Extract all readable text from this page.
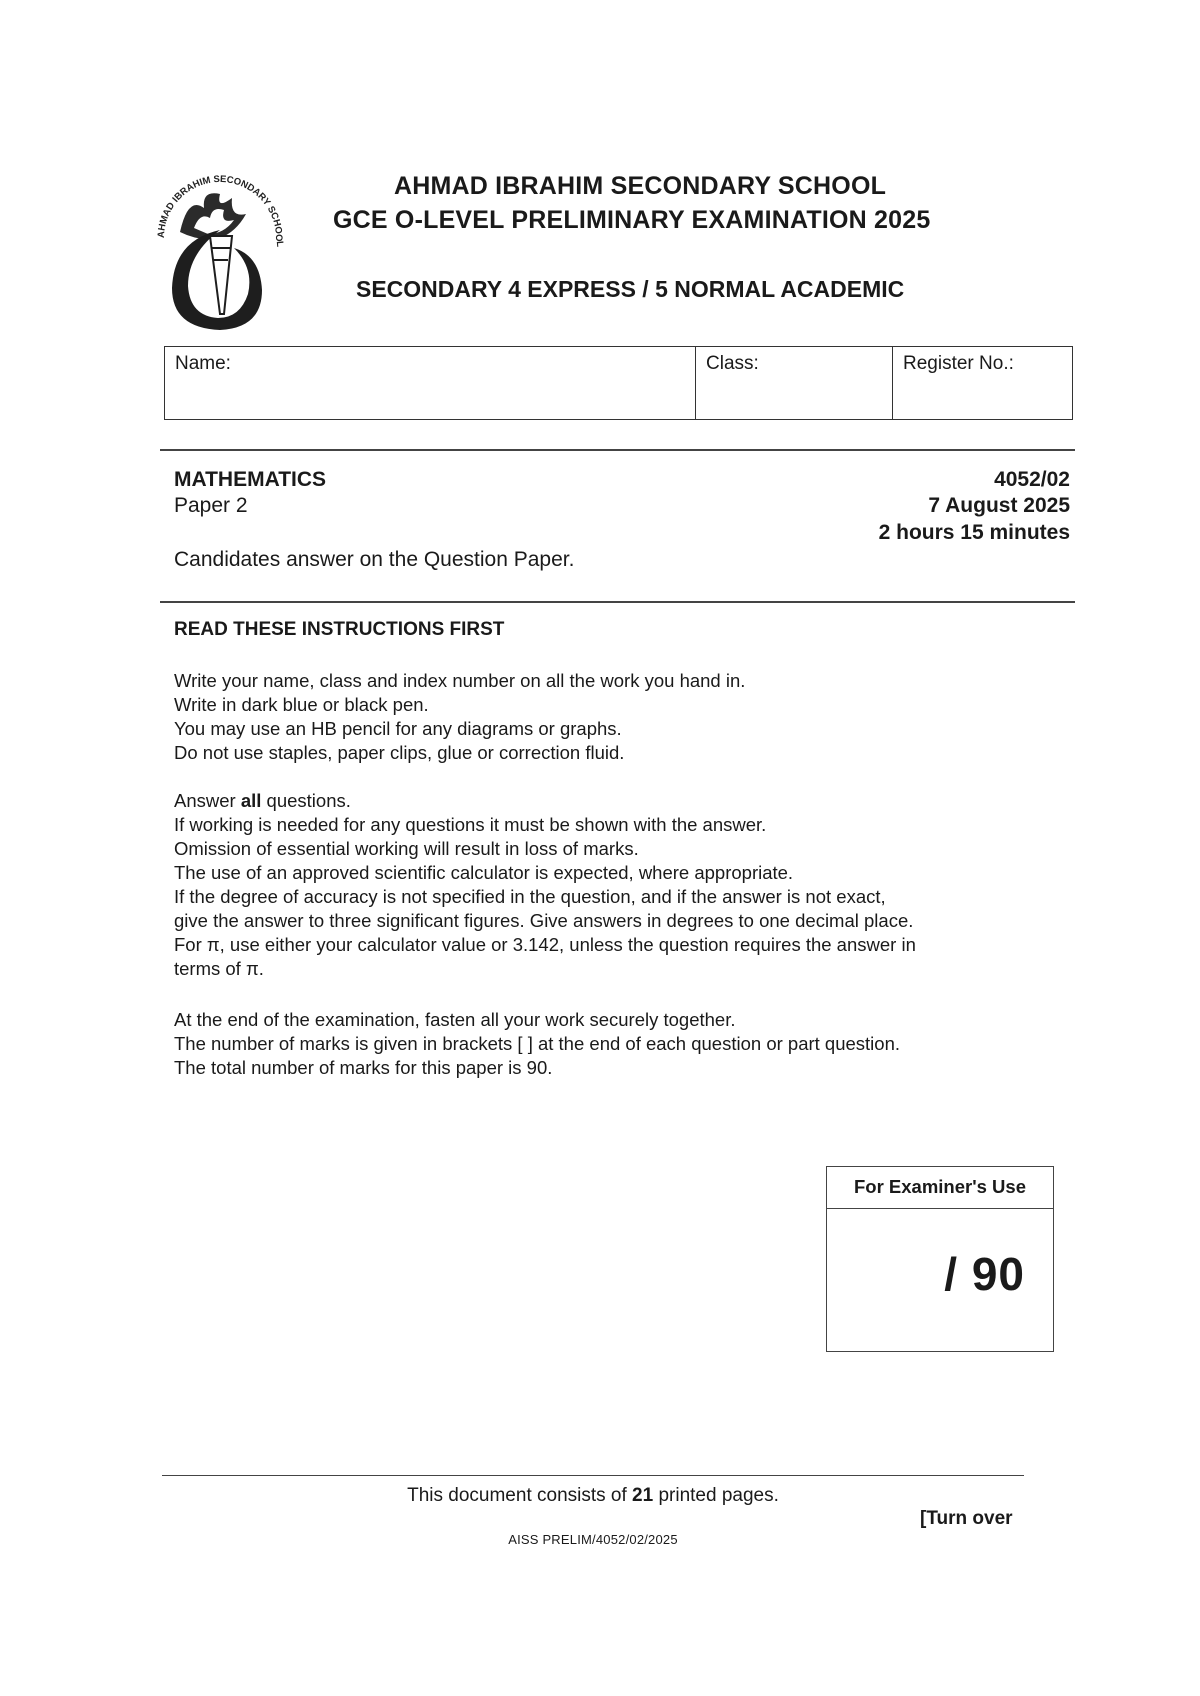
AHMAD IBRAHIM SECONDARY SCHOOL
AHMAD IBRAHIM SECONDARY SCHOOL
GCE O-LEVEL PRELIMINARY EXAMINATION 2025
SECONDARY 4 EXPRESS / 5 NORMAL ACADEMIC
Name:	Class:	Register No.:
MATHEMATICS
Paper 2
4052/02
7 August 2025
2 hours 15 minutes
Candidates answer on the Question Paper.
READ THESE INSTRUCTIONS FIRST
Write your name, class and index number on all the work you hand in.
Write in dark blue or black pen.
You may use an HB pencil for any diagrams or graphs.
Do not use staples, paper clips, glue or correction fluid.
Answer all questions.
If working is needed for any questions it must be shown with the answer.
Omission of essential working will result in loss of marks.
The use of an approved scientific calculator is expected, where appropriate.
If the degree of accuracy is not specified in the question, and if the answer is not exact,
give the answer to three significant figures. Give answers in degrees to one decimal place.
For π, use either your calculator value or 3.142, unless the question requires the answer in
terms of π.
At the end of the examination, fasten all your work securely together.
The number of marks is given in brackets [ ] at the end of each question or part question.
The total number of marks for this paper is 90.
For Examiner's Use
/ 90
This document consists of 21 printed pages.
[Turn over
AISS PRELIM/4052/02/2025
